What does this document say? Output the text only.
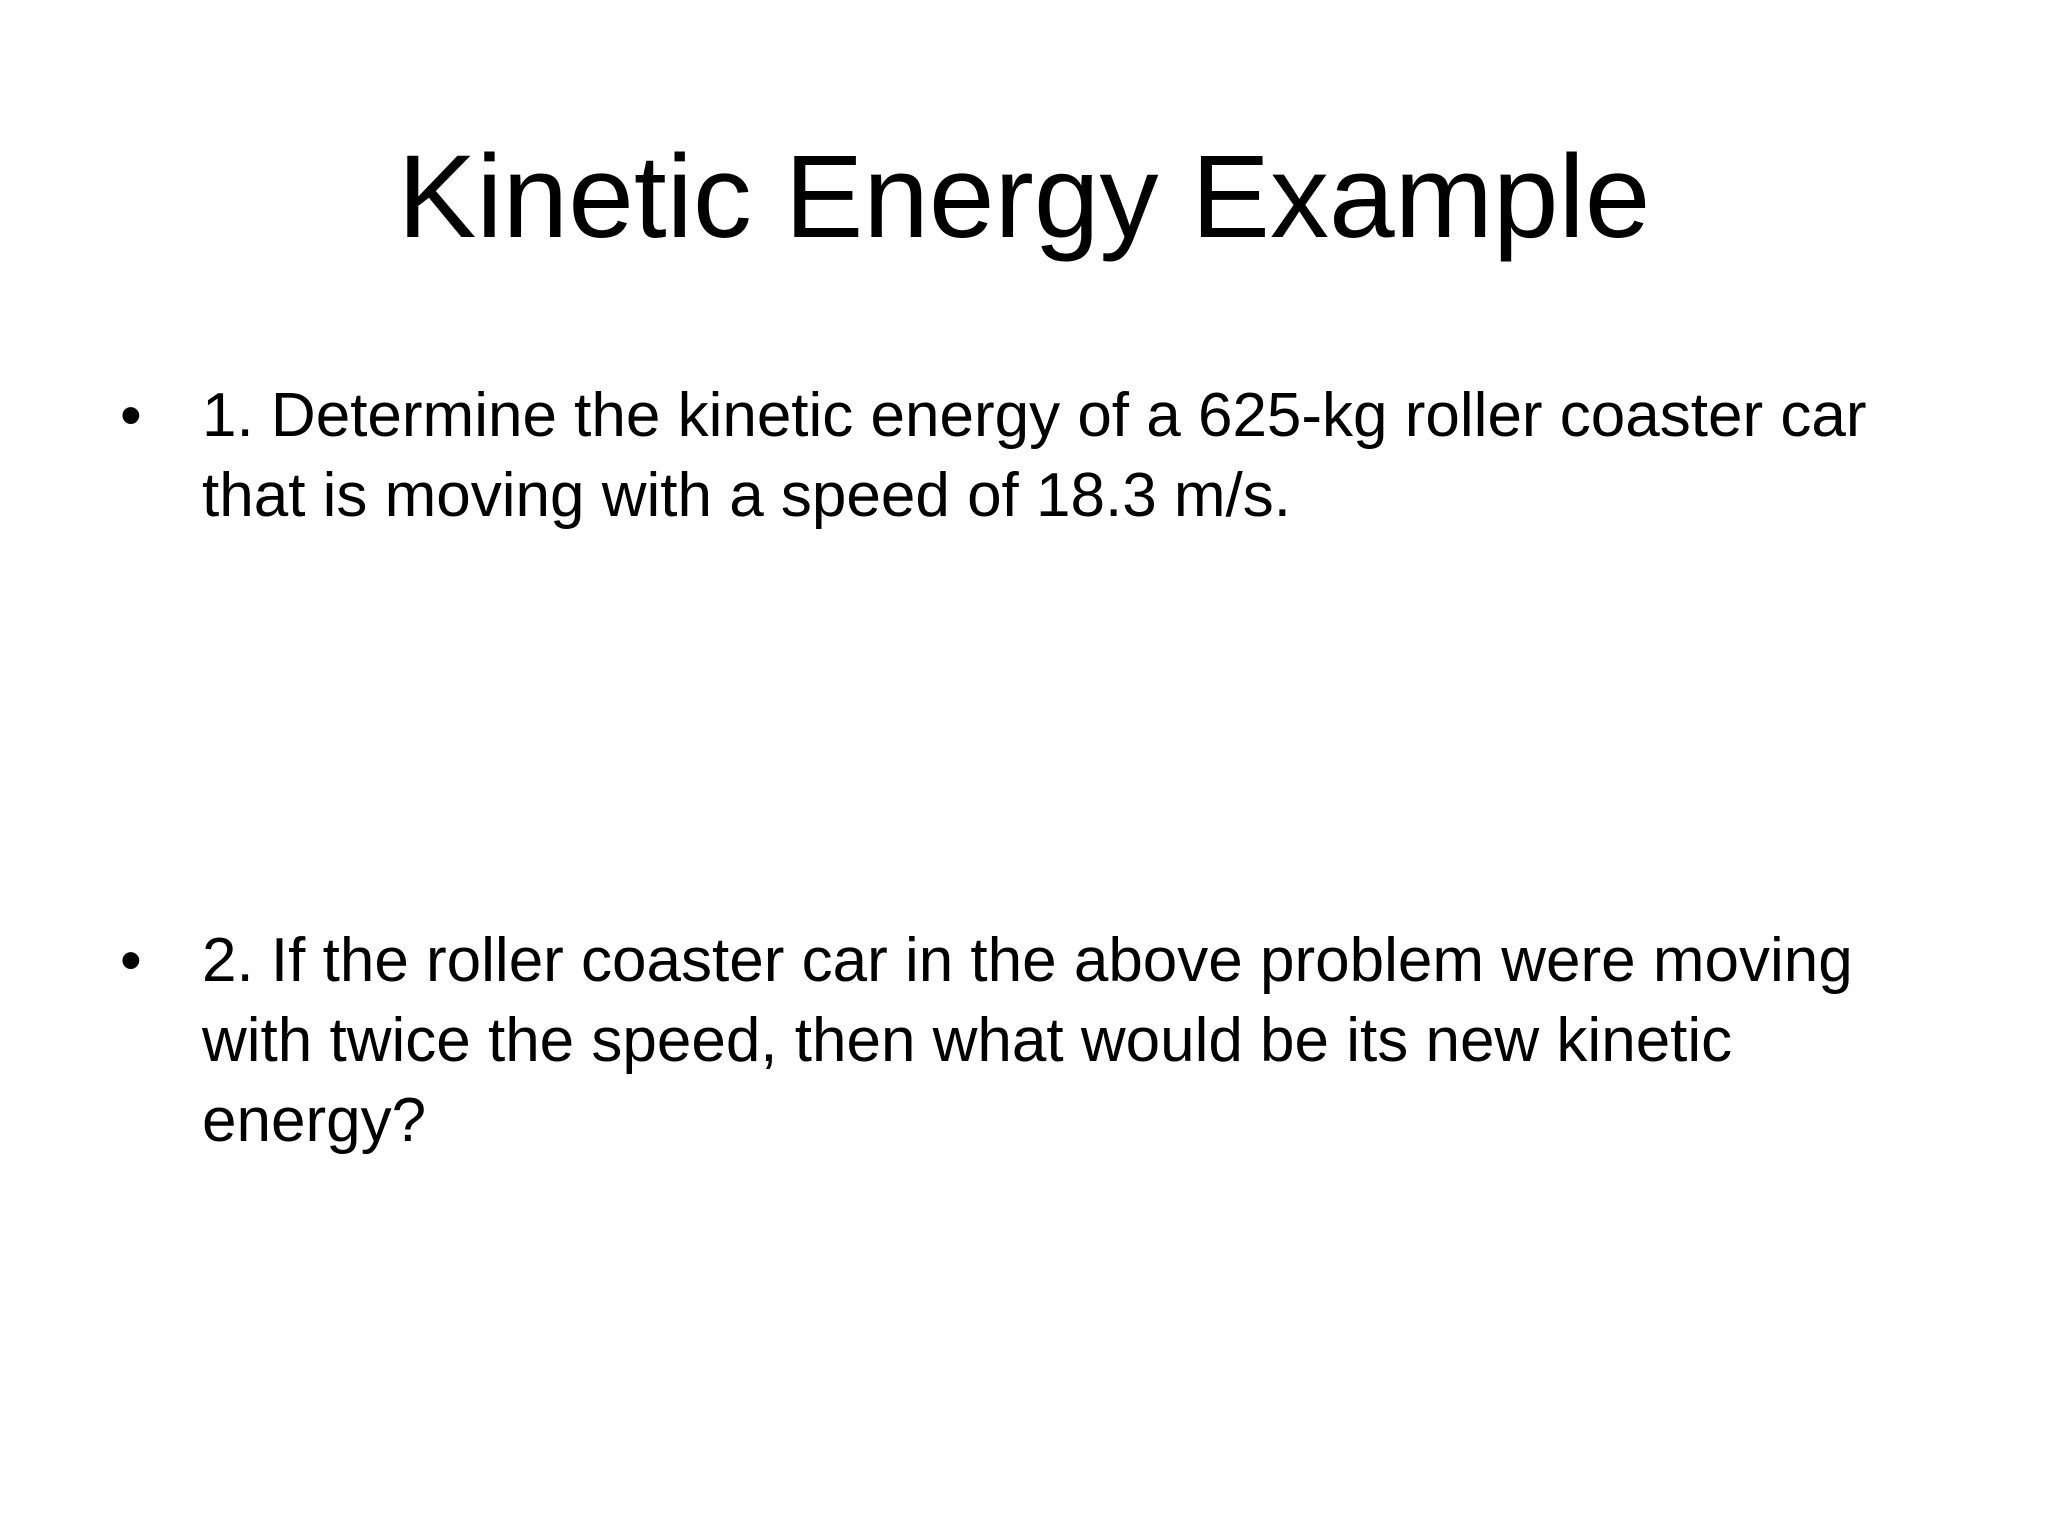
Kinetic Energy Example
• 1. Determine the kinetic energy of a 625-kg roller coaster car that is moving with a speed of 18.3 m/s.
• 2. If the roller coaster car in the above problem were moving with twice the speed, then what would be its new kinetic energy?
